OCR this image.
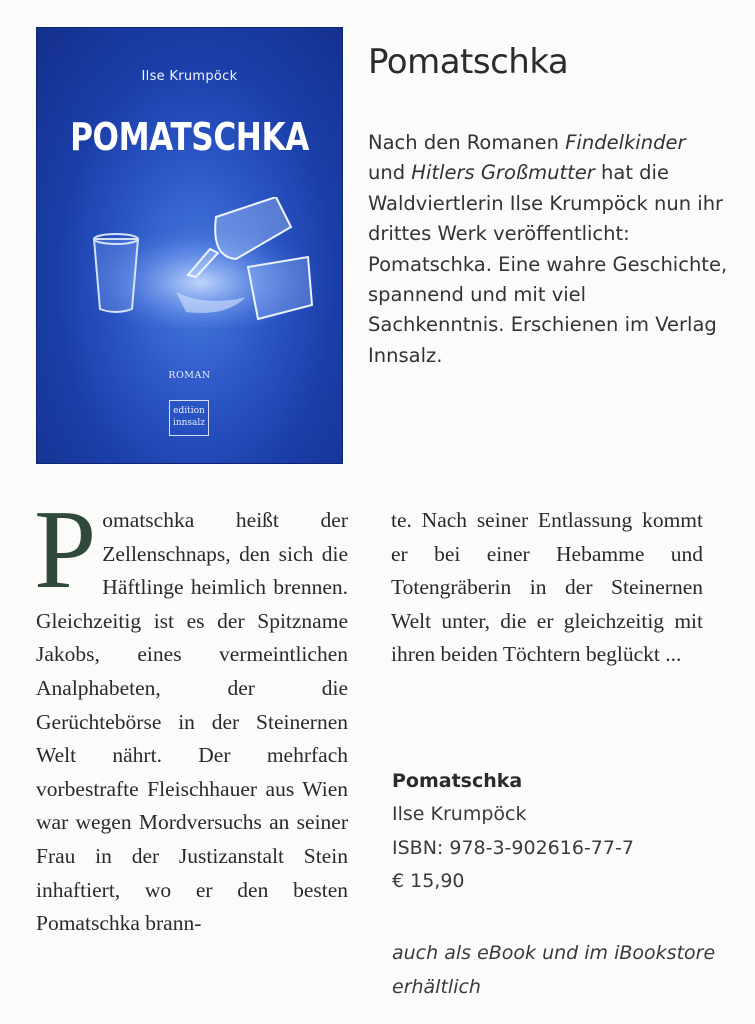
Ilse Krumpöck
POMATSCHKA
ROMAN
edition
innsalz
Pomatschka

Nach den Romanen Findelkinder und Hitlers Großmutter hat die Waldviertlerin Ilse Krumpöck nun ihr drittes Werk veröffentlicht: Pomatschka. Eine wahre Geschichte, spannend und mit viel Sachkenntnis. Erschienen im Verlag Innsalz.

Pomatschka heißt der Zellenschnaps, den sich die Häftlinge heimlich brennen. Gleichzeitig ist es der Spitzname Jakobs, eines vermeintlichen Analphabeten, der die Gerüchtebörse in der Steinernen Welt nährt. Der mehrfach vorbestrafte Fleischhauer aus Wien war wegen Mordversuchs an seiner Frau in der Justizanstalt Stein inhaftiert, wo er den besten Pomatschka brann-

te. Nach seiner Entlassung kommt er bei einer Hebamme und Totengräberin in der Steinernen Welt unter, die er gleichzeitig mit ihren beiden Töchtern beglückt ...

Pomatschka
Ilse Krumpöck
ISBN: 978-3-902616-77-7
€ 15,90

auch als eBook und im iBookstore erhältlich
